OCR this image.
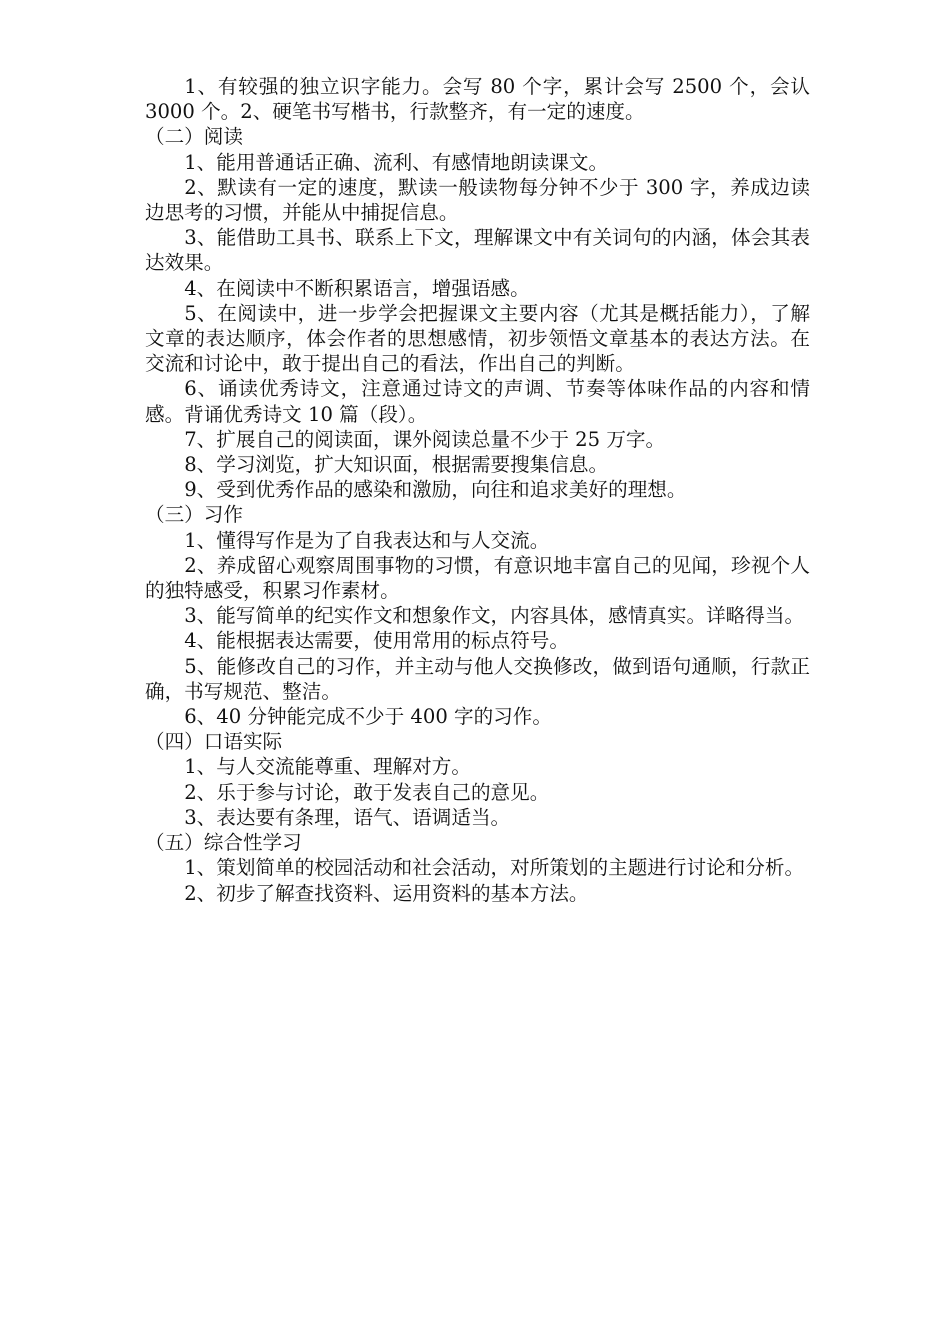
1、有较强的独立识字能力。会写 80 个字，累计会写 2500 个，会认 3000 个。2、硬笔书写楷书，行款整齐，有一定的速度。

（二）阅读

1、能用普通话正确、流利、有感情地朗读课文。

2、默读有一定的速度，默读一般读物每分钟不少于 300 字，养成边读边思考的习惯，并能从中捕捉信息。

3、能借助工具书、联系上下文，理解课文中有关词句的内涵，体会其表达效果。

4、在阅读中不断积累语言，增强语感。

5、在阅读中，进一步学会把握课文主要内容（尤其是概括能力），了解文章的表达顺序，体会作者的思想感情，初步领悟文章基本的表达方法。在交流和讨论中，敢于提出自己的看法，作出自己的判断。

6、诵读优秀诗文，注意通过诗文的声调、节奏等体味作品的内容和情感。背诵优秀诗文 10 篇（段）。

7、扩展自己的阅读面，课外阅读总量不少于 25 万字。

8、学习浏览，扩大知识面，根据需要搜集信息。

9、受到优秀作品的感染和激励，向往和追求美好的理想。

（三）习作

1、懂得写作是为了自我表达和与人交流。

2、养成留心观察周围事物的习惯，有意识地丰富自己的见闻，珍视个人的独特感受，积累习作素材。

3、能写简单的纪实作文和想象作文，内容具体，感情真实。详略得当。

4、能根据表达需要，使用常用的标点符号。

5、能修改自己的习作，并主动与他人交换修改，做到语句通顺，行款正确，书写规范、整洁。

6、40 分钟能完成不少于 400 字的习作。

（四）口语实际

1、与人交流能尊重、理解对方。

2、乐于参与讨论，敢于发表自己的意见。

3、表达要有条理，语气、语调适当。

（五）综合性学习

1、策划简单的校园活动和社会活动，对所策划的主题进行讨论和分析。

2、初步了解查找资料、运用资料的基本方法。
